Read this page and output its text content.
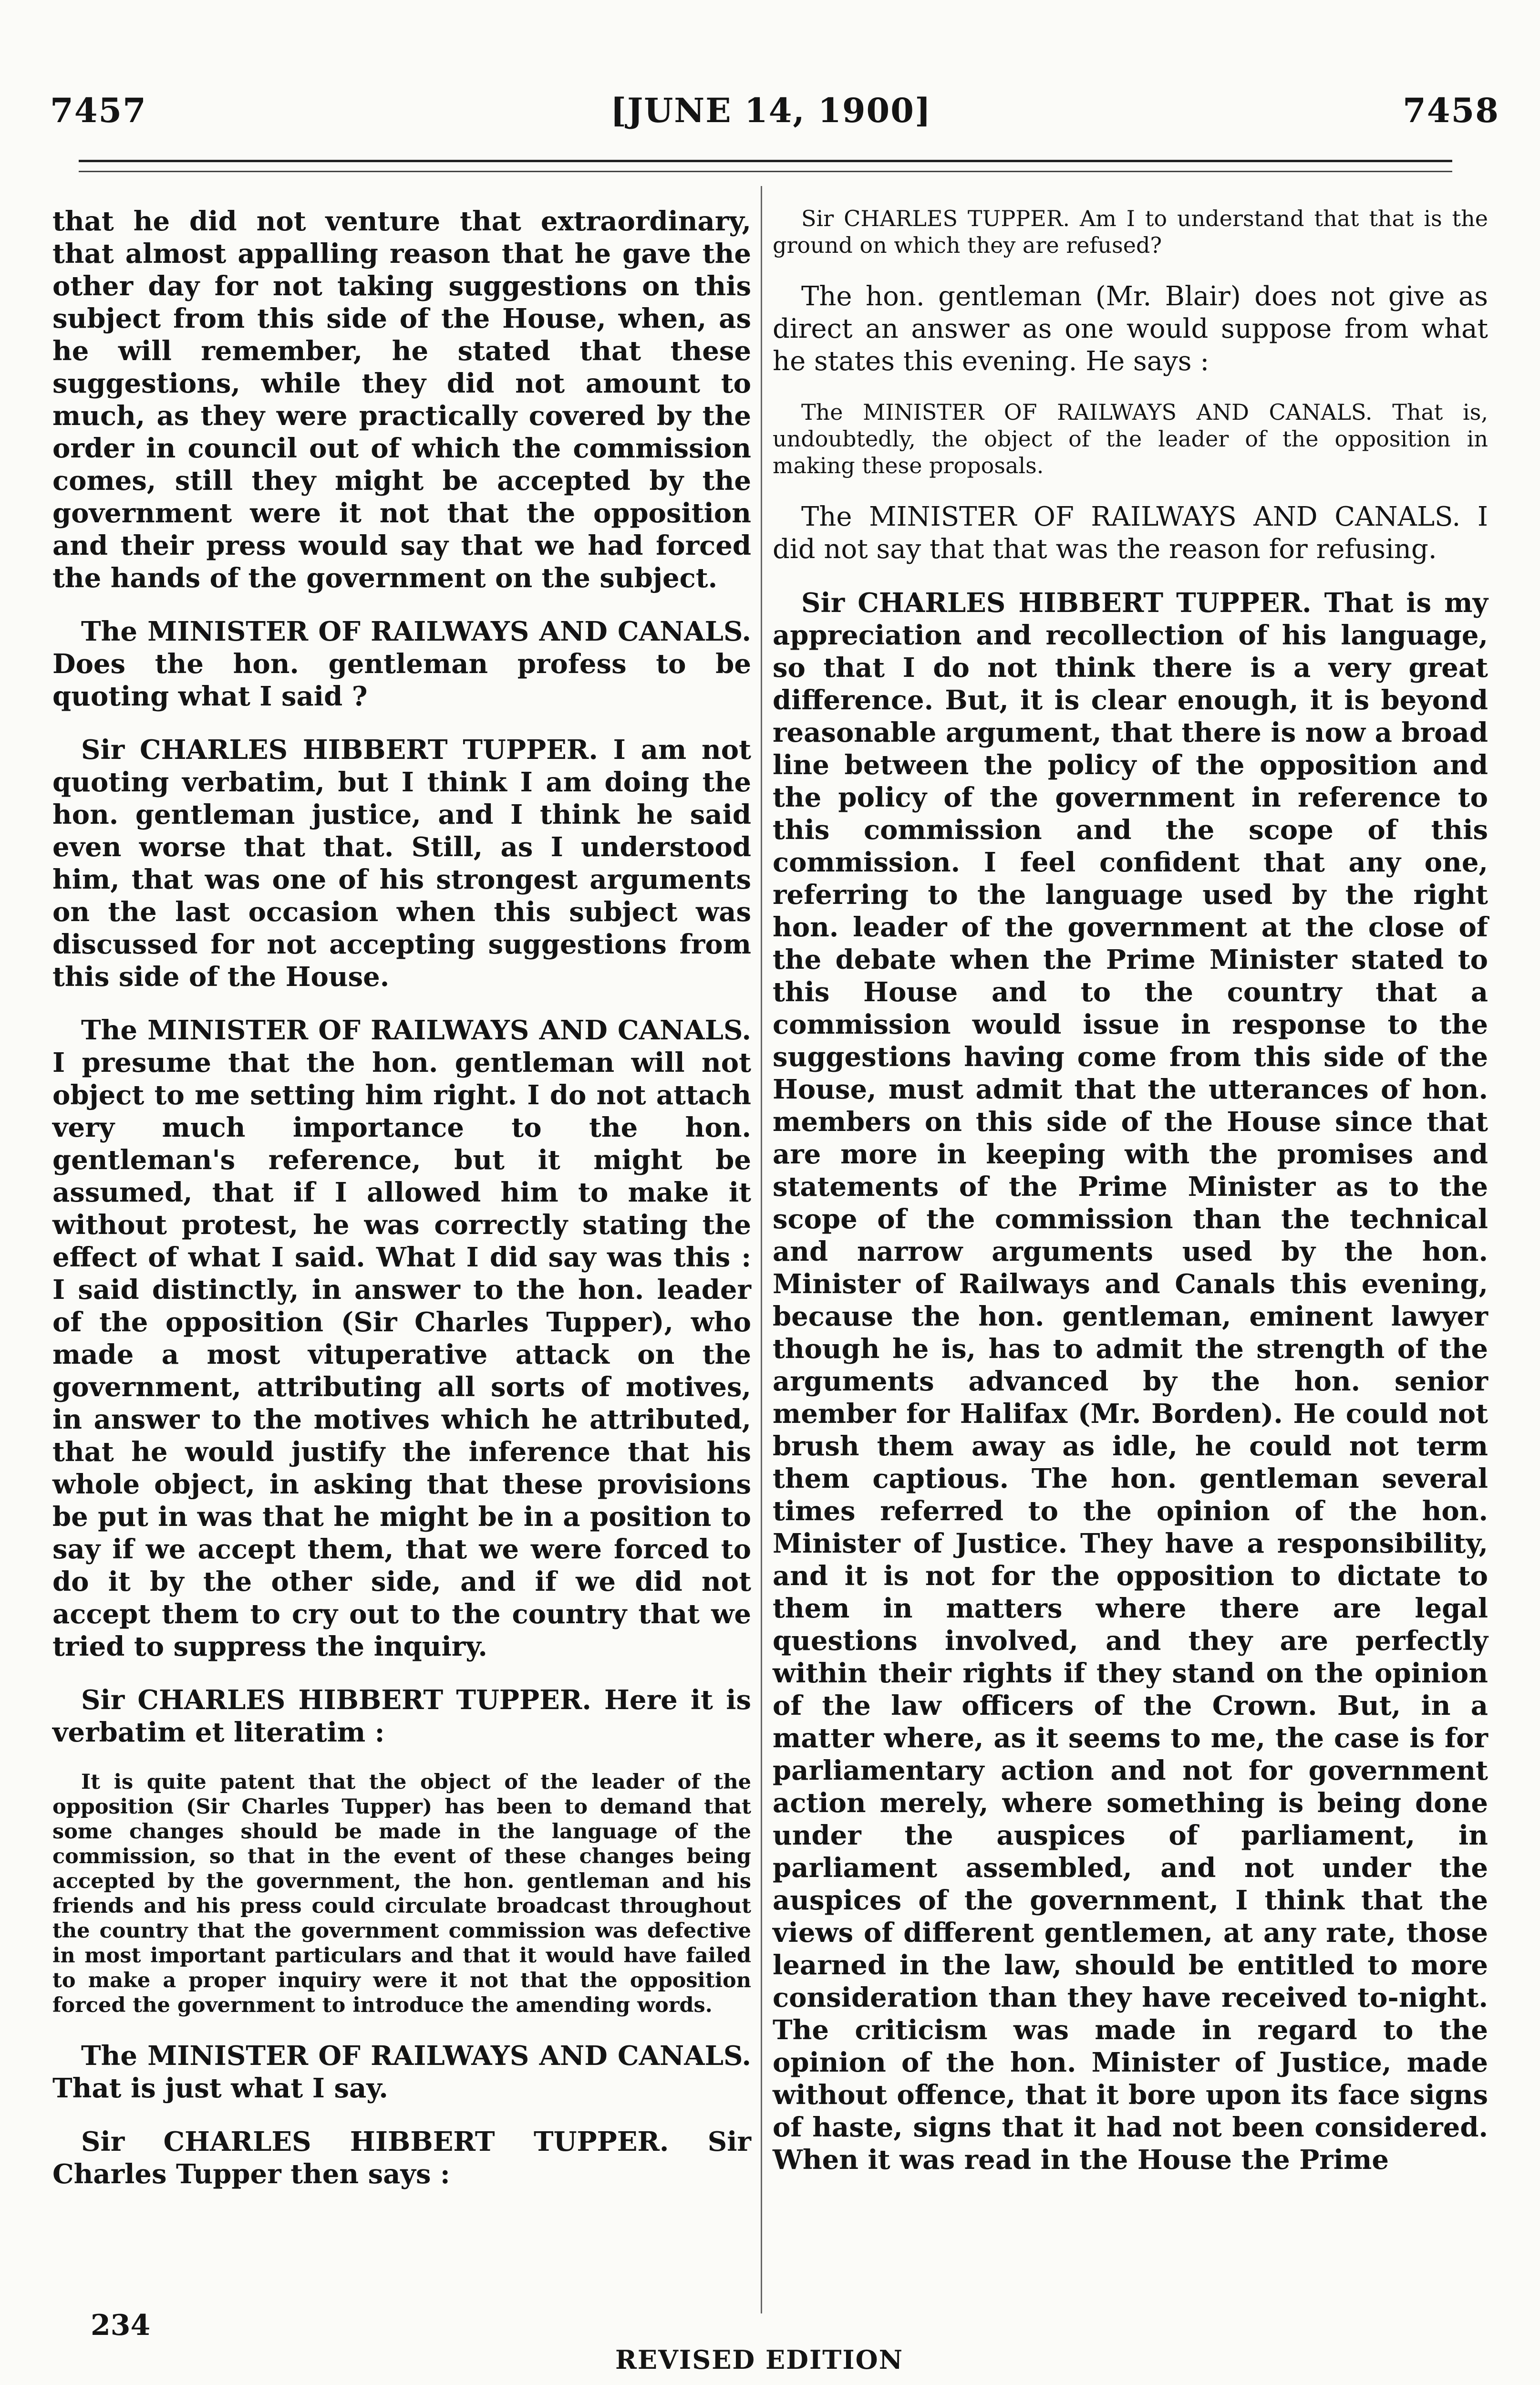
7457	[JUNE 14, 1900]	7458

that he did not venture that extraordinary, that almost appalling reason that he gave the other day for not taking suggestions on this subject from this side of the House, when, as he will remember, he stated that these suggestions, while they did not amount to much, as they were practically covered by the order in council out of which the commission comes, still they might be accepted by the government were it not that the opposition and their press would say that we had forced the hands of the government on the subject.

The MINISTER OF RAILWAYS AND CANALS. Does the hon. gentleman profess to be quoting what I said ?

Sir CHARLES HIBBERT TUPPER. I am not quoting verbatim, but I think I am doing the hon. gentleman justice, and I think he said even worse that that. Still, as I understood him, that was one of his strongest arguments on the last occasion when this subject was discussed for not accepting suggestions from this side of the House.

The MINISTER OF RAILWAYS AND CANALS. I presume that the hon. gentleman will not object to me setting him right. I do not attach very much importance to the hon. gentleman's reference, but it might be assumed, that if I allowed him to make it without protest, he was correctly stating the effect of what I said. What I did say was this : I said distinctly, in answer to the hon. leader of the opposition (Sir Charles Tupper), who made a most vituperative attack on the government, attributing all sorts of motives, in answer to the motives which he attributed, that he would justify the inference that his whole object, in asking that these provisions be put in was that he might be in a position to say if we accept them, that we were forced to do it by the other side, and if we did not accept them to cry out to the country that we tried to suppress the inquiry.

Sir CHARLES HIBBERT TUPPER. Here it is verbatim et literatim :

It is quite patent that the object of the leader of the opposition (Sir Charles Tupper) has been to demand that some changes should be made in the language of the commission, so that in the event of these changes being accepted by the government, the hon. gentleman and his friends and his press could circulate broadcast throughout the country that the government commission was defective in most important particulars and that it would have failed to make a proper inquiry were it not that the opposition forced the government to introduce the amending words.

The MINISTER OF RAILWAYS AND CANALS. That is just what I say.

Sir CHARLES HIBBERT TUPPER. Sir Charles Tupper then says :

Sir CHARLES TUPPER. Am I to understand that that is the ground on which they are refused?

The hon. gentleman (Mr. Blair) does not give as direct an answer as one would suppose from what he states this evening. He says :

The MINISTER OF RAILWAYS AND CANALS. That is, undoubtedly, the object of the leader of the opposition in making these proposals.

The MINISTER OF RAILWAYS AND CANALS. I did not say that that was the reason for refusing.

Sir CHARLES HIBBERT TUPPER. That is my appreciation and recollection of his language, so that I do not think there is a very great difference. But, it is clear enough, it is beyond reasonable argument, that there is now a broad line between the policy of the opposition and the policy of the government in reference to this commission and the scope of this commission. I feel confident that any one, referring to the language used by the right hon. leader of the government at the close of the debate when the Prime Minister stated to this House and to the country that a commission would issue in response to the suggestions having come from this side of the House, must admit that the utterances of hon. members on this side of the House since that are more in keeping with the promises and statements of the Prime Minister as to the scope of the commission than the technical and narrow arguments used by the hon. Minister of Railways and Canals this evening, because the hon. gentleman, eminent lawyer though he is, has to admit the strength of the arguments advanced by the hon. senior member for Halifax (Mr. Borden). He could not brush them away as idle, he could not term them captious. The hon. gentleman several times referred to the opinion of the hon. Minister of Justice. They have a responsibility, and it is not for the opposition to dictate to them in matters where there are legal questions involved, and they are perfectly within their rights if they stand on the opinion of the law officers of the Crown. But, in a matter where, as it seems to me, the case is for parliamentary action and not for government action merely, where something is being done under the auspices of parliament, in parliament assembled, and not under the auspices of the government, I think that the views of different gentlemen, at any rate, those learned in the law, should be entitled to more consideration than they have received to-night. The criticism was made in regard to the opinion of the hon. Minister of Justice, made without offence, that it bore upon its face signs of haste, signs that it had not been considered. When it was read in the House the Prime

234
REVISED EDITION
